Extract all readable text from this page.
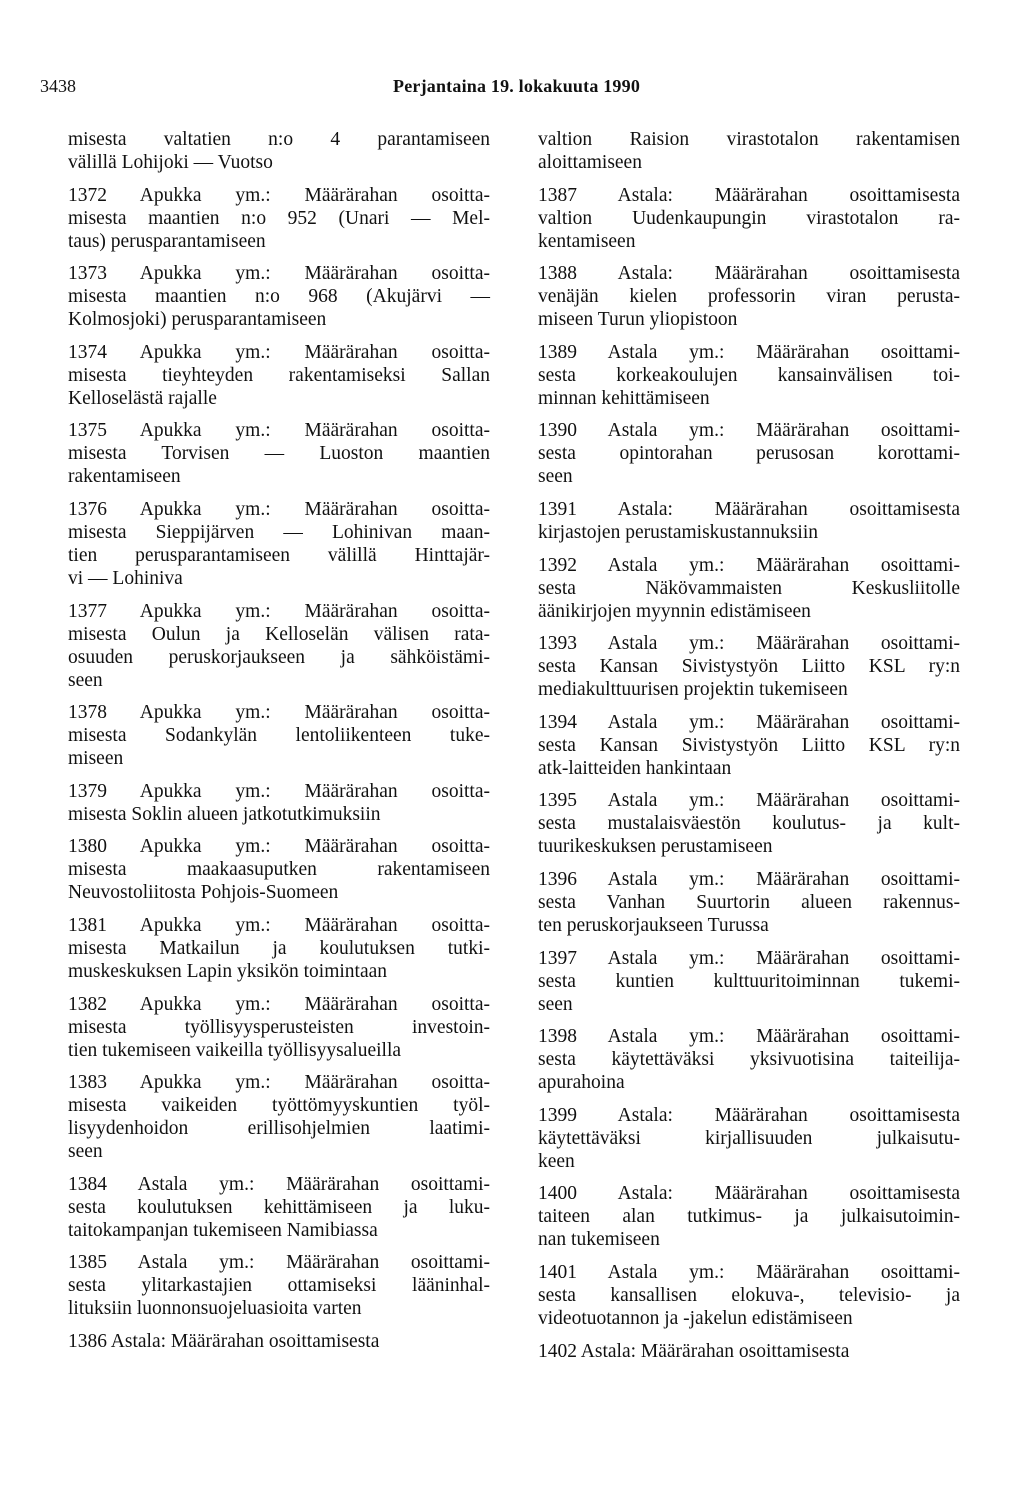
3438	Perjantaina 19. lokakuuta 1990
misesta valtatien n:o 4 parantamiseen
välillä Lohijoki — Vuotso
1372 Apukka ym.: Määrärahan osoitta-
misesta maantien n:o 952 (Unari — Mel-
taus) perusparantamiseen
1373 Apukka ym.: Määrärahan osoitta-
misesta maantien n:o 968 (Akujärvi —
Kolmosjoki) perusparantamiseen
1374 Apukka ym.: Määrärahan osoitta-
misesta tieyhteyden rakentamiseksi Sallan
Kelloselästä rajalle
1375 Apukka ym.: Määrärahan osoitta-
misesta Torvisen — Luoston maantien
rakentamiseen
1376 Apukka ym.: Määrärahan osoitta-
misesta Sieppijärven — Lohinivan maan-
tien perusparantamiseen välillä Hinttajär-
vi — Lohiniva
1377 Apukka ym.: Määrärahan osoitta-
misesta Oulun ja Kelloselän välisen rata-
osuuden peruskorjaukseen ja sähköistämi-
seen
1378 Apukka ym.: Määrärahan osoitta-
misesta Sodankylän lentoliikenteen tuke-
miseen
1379 Apukka ym.: Määrärahan osoitta-
misesta Soklin alueen jatkotutkimuksiin
1380 Apukka ym.: Määrärahan osoitta-
misesta maakaasuputken rakentamiseen
Neuvostoliitosta Pohjois-Suomeen
1381 Apukka ym.: Määrärahan osoitta-
misesta Matkailun ja koulutuksen tutki-
muskeskuksen Lapin yksikön toimintaan
1382 Apukka ym.: Määrärahan osoitta-
misesta työllisyysperusteisten investoin-
tien tukemiseen vaikeilla työllisyysalueilla
1383 Apukka ym.: Määrärahan osoitta-
misesta vaikeiden työttömyyskuntien työl-
lisyydenhoidon erillisohjelmien laatimi-
seen
1384 Astala ym.: Määrärahan osoittami-
sesta koulutuksen kehittämiseen ja luku-
taitokampanjan tukemiseen Namibiassa
1385 Astala ym.: Määrärahan osoittami-
sesta ylitarkastajien ottamiseksi lääninhal-
lituksiin luonnonsuojeluasioita varten
1386 Astala: Määrärahan osoittamisesta
valtion Raision virastotalon rakentamisen
aloittamiseen
1387 Astala: Määrärahan osoittamisesta
valtion Uudenkaupungin virastotalon ra-
kentamiseen
1388 Astala: Määrärahan osoittamisesta
venäjän kielen professorin viran perusta-
miseen Turun yliopistoon
1389 Astala ym.: Määrärahan osoittami-
sesta korkeakoulujen kansainvälisen toi-
minnan kehittämiseen
1390 Astala ym.: Määrärahan osoittami-
sesta opintorahan perusosan korottami-
seen
1391 Astala: Määrärahan osoittamisesta
kirjastojen perustamiskustannuksiin
1392 Astala ym.: Määrärahan osoittami-
sesta Näkövammaisten Keskusliitolle
äänikirjojen myynnin edistämiseen
1393 Astala ym.: Määrärahan osoittami-
sesta Kansan Sivistystyön Liitto KSL ry:n
mediakulttuurisen projektin tukemiseen
1394 Astala ym.: Määrärahan osoittami-
sesta Kansan Sivistystyön Liitto KSL ry:n
atk-laitteiden hankintaan
1395 Astala ym.: Määrärahan osoittami-
sesta mustalaisväestön koulutus- ja kult-
tuurikeskuksen perustamiseen
1396 Astala ym.: Määrärahan osoittami-
sesta Vanhan Suurtorin alueen rakennus-
ten peruskorjaukseen Turussa
1397 Astala ym.: Määrärahan osoittami-
sesta kuntien kulttuuritoiminnan tukemi-
seen
1398 Astala ym.: Määrärahan osoittami-
sesta käytettäväksi yksivuotisina taiteilija-
apurahoina
1399 Astala: Määrärahan osoittamisesta
käytettäväksi kirjallisuuden julkaisutu-
keen
1400 Astala: Määrärahan osoittamisesta
taiteen alan tutkimus- ja julkaisutoimin-
nan tukemiseen
1401 Astala ym.: Määrärahan osoittami-
sesta kansallisen elokuva-, televisio- ja
videotuotannon ja -jakelun edistämiseen
1402 Astala: Määrärahan osoittamisesta
